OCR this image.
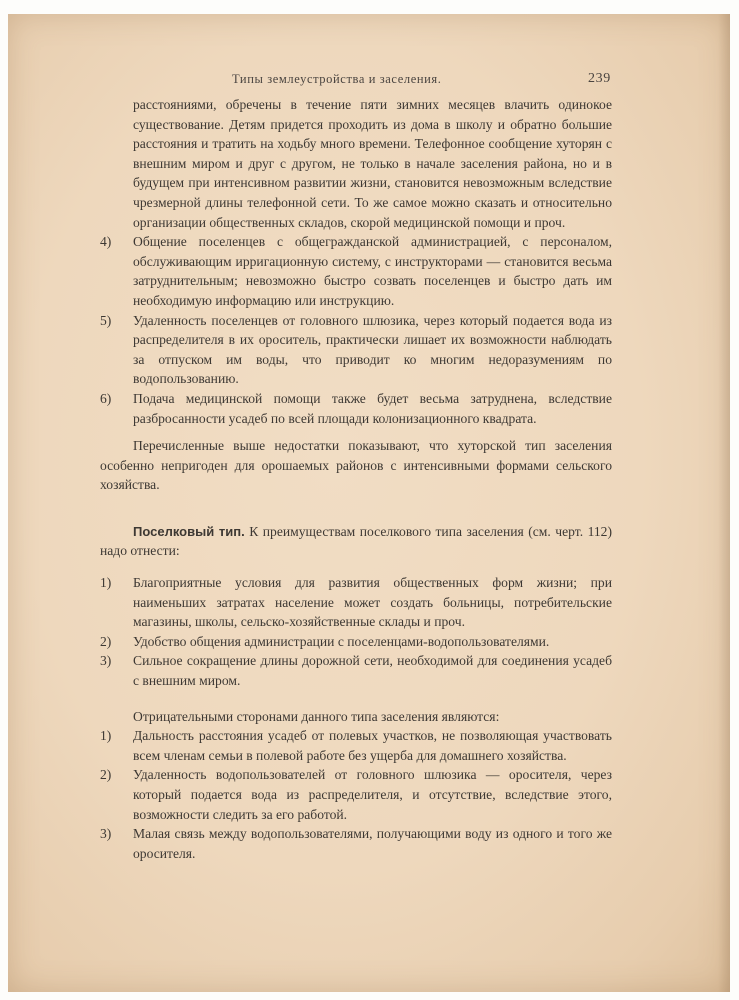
Типы землеустройства и заселения.	239

расстояниями, обречены в течение пяти зимних месяцев влачить одинокое существование. Детям придется проходить из дома в школу и обратно большие расстояния и тратить на ходьбу много времени. Телефонное сообщение хуторян с внешним миром и друг с другом, не только в начале заселения района, но и в будущем при интенсивном развитии жизни, становится невозможным вследствие чрезмерной длины телефонной сети. То же самое можно сказать и относительно организации общественных складов, скорой медицинской помощи и проч.

4)	Общение поселенцев с общегражданской администрацией, с персоналом, обслуживающим ирригационную систему, с инструкторами — становится весьма затруднительным; невозможно быстро созвать поселенцев и быстро дать им необходимую информацию или инструкцию.
5)	Удаленность поселенцев от головного шлюзика, через который подается вода из распределителя в их ороситель, практически лишает их возможности наблюдать за отпуском им воды, что приводит ко многим недоразумениям по водопользованию.
6)	Подача медицинской помощи также будет весьма затруднена, вследствие разбросанности усадеб по всей площади колонизационного квадрата.

Перечисленные выше недостатки показывают, что хуторской тип заселения особенно непригоден для орошаемых районов с интенсивными формами сельского хозяйства.

Поселковый тип. К преимуществам поселкового типа заселения (см. черт. 112) надо отнести:

1)	Благоприятные условия для развития общественных форм жизни; при наименьших затратах население может создать больницы, потребительские магазины, школы, сельско-хозяйственные склады и проч.
2)	Удобство общения администрации с поселенцами-водопользователями.
3)	Сильное сокращение длины дорожной сети, необходимой для соединения усадеб с внешним миром.

Отрицательными сторонами данного типа заселения являются:

1)	Дальность расстояния усадеб от полевых участков, не позволяющая участвовать всем членам семьи в полевой работе без ущерба для домашнего хозяйства.
2)	Удаленность водопользователей от головного шлюзика — оросителя, через который подается вода из распределителя, и отсутствие, вследствие этого, возможности следить за его работой.
3)	Малая связь между водопользователями, получающими воду из одного и того же оросителя.
